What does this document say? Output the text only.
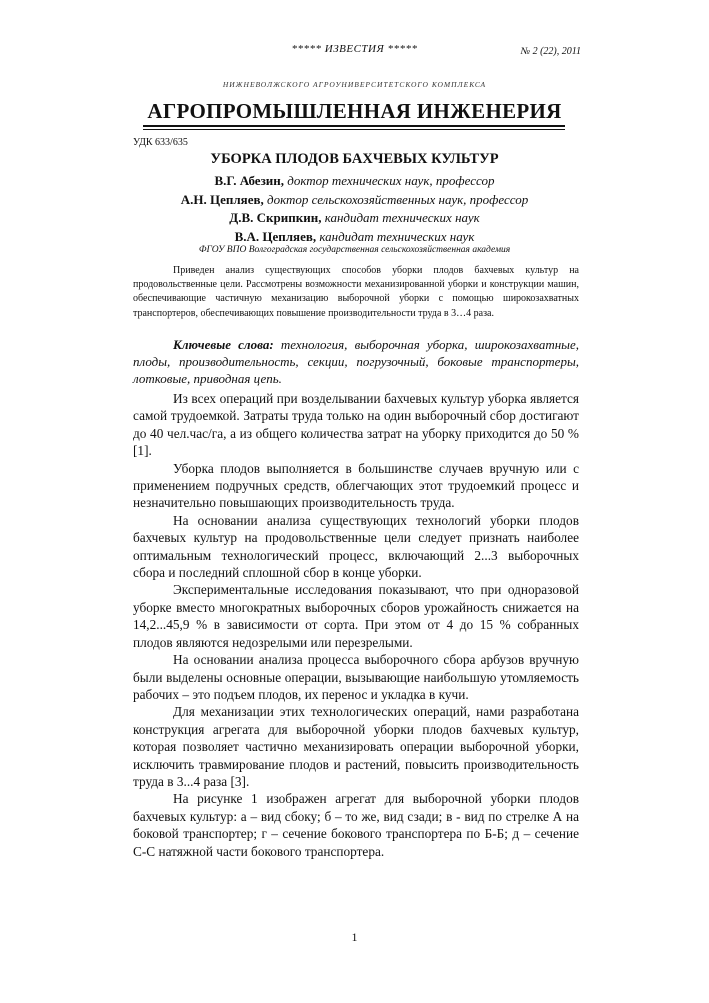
***** ИЗВЕСТИЯ *****	№ 2 (22), 2011
НИЖНЕВОЛЖСКОГО АГРОУНИВЕРСИТЕТСКОГО КОМПЛЕКСА
АГРОПРОМЫШЛЕННАЯ ИНЖЕНЕРИЯ
УДК 633/635
УБОРКА ПЛОДОВ БАХЧЕВЫХ КУЛЬТУР
В.Г. Абезин, доктор технических наук, профессор
А.Н. Цепляев, доктор сельскохозяйственных наук, профессор
Д.В. Скрипкин, кандидат технических наук
В.А. Цепляев, кандидат технических наук
ФГОУ ВПО Волгоградская государственная сельскохозяйственная академия
Приведен анализ существующих способов уборки плодов бахчевых культур на продовольственные цели. Рассмотрены возможности механизированной уборки и конструкции машин, обеспечивающие частичную механизацию выборочной уборки с помощью широкозахватных транспортеров, обеспечивающих повышение производительности труда в 3…4 раза.
Ключевые слова: технология, выборочная уборка, широкозахватные, плоды, производительность, секции, погрузочный, боковые транспортеры, лотковые, приводная цепь.

Из всех операций при возделывании бахчевых культур уборка является самой трудоемкой. Затраты труда только на один выборочный сбор достигают до 40 чел.час/га, а из общего количества затрат на уборку приходится до 50 % [1].

Уборка плодов выполняется в большинстве случаев вручную или с применением подручных средств, облегчающих этот трудоемкий процесс и незначительно повышающих производительность труда.

На основании анализа существующих технологий уборки плодов бахчевых культур на продовольственные цели следует признать наиболее оптимальным технологический процесс, включающий 2...3 выборочных сбора и последний сплошной сбор в конце уборки.

Экспериментальные исследования показывают, что при одноразовой уборке вместо многократных выборочных сборов урожайность снижается на 14,2...45,9 % в зависимости от сорта. При этом от 4 до 15 % собранных плодов являются недозрелыми или перезрелыми.

На основании анализа процесса выборочного сбора арбузов вручную были выделены основные операции, вызывающие наибольшую утомляемость рабочих – это подъем плодов, их перенос и укладка в кучи.

Для механизации этих технологических операций, нами разработана конструкция агрегата для выборочной уборки плодов бахчевых культур, которая позволяет частично механизировать операции выборочной уборки, исключить травмирование плодов и растений, повысить производительность труда в 3...4 раза [3].

На рисунке 1 изображен агрегат для выборочной уборки плодов бахчевых культур: а – вид сбоку; б – то же, вид сзади; в - вид по стрелке А на боковой транспортер; г – сечение бокового транспортера по Б-Б; д – сечение С-С натяжной части бокового транспортера.

1
